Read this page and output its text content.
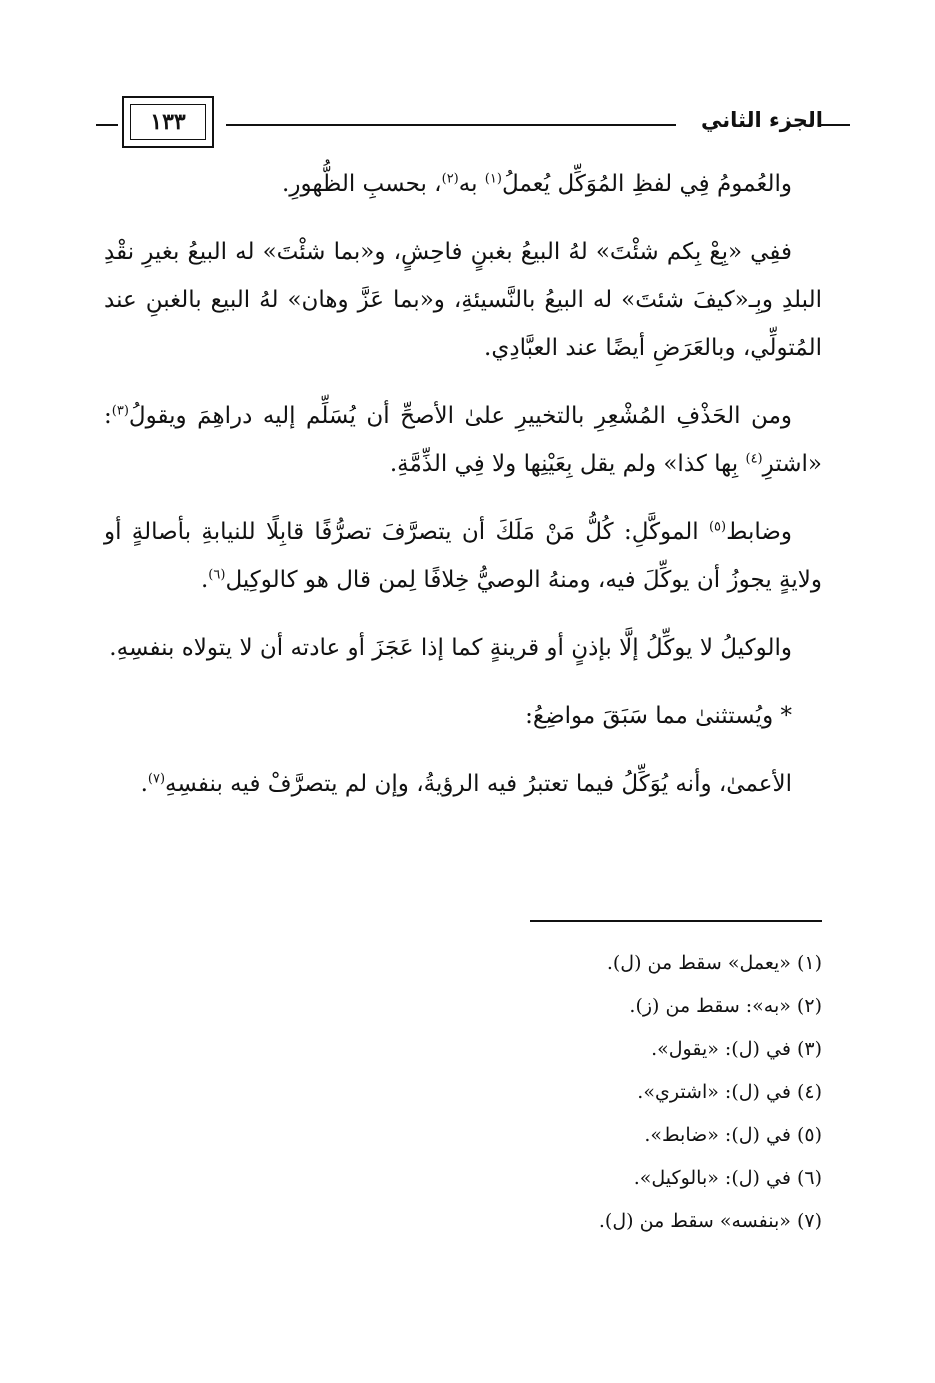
الجزء الثاني
١٣٣

والعُمومُ فِي لفظِ المُوَكِّل يُعملُ$^{(١)}$ به$^{(٢)}$، بحسبِ الظُّهورِ.

ففِي «بِعْ بِكم شئْتَ» لهُ البيعُ بغبنٍ فاحِشٍ، و«بما شئْتَ» له البيعُ بغيرِ نقْدِ البلدِ وبِـ«كيفَ شئتَ» له البيعُ بالنَّسيئةِ، و«بما عَزَّ وهان» لهُ البيع بالغبنِ عند المُتولِّي، وبالعَرَضِ أيضًا عند العبَّادِي.

ومن الحَذْفِ المُشْعِرِ بالتخييرِ علىٰ الأصحِّ أن يُسَلِّم إليه دراهِمَ ويقولُ$^{(٣)}$: «اشترِ$^{(٤)}$ بِها كذا» ولم يقل بِعَيْنِها ولا فِي الذِّمَّةِ.

وضابط$^{(٥)}$ الموكَّلِ: كُلُّ مَنْ مَلَكَ أن يتصرَّفَ تصرُّفًا قابِلًا للنيابةِ بأصالةٍ أو ولايةٍ يجوزُ أن يوكِّلَ فيه، ومنهُ الوصيُّ خِلافًا لِمن قال هو كالوكِيل$^{(٦)}$.

والوكيلُ لا يوكِّلُ إلَّا بإذنٍ أو قرينةٍ كما إذا عَجَزَ أو عادته أن لا يتولاه بنفسِهِ.

* ويُستثنىٰ مما سَبَقَ مواضِعُ:

الأعمىٰ، وأنه يُوَكِّلُ فيما تعتبرُ فيه الرؤيةُ، وإن لم يتصرَّفْ فيه بنفسِهِ$^{(٧)}$.

(١) «يعمل» سقط من (ل).

(٢) «به»: سقط من (ز).

(٣) في (ل): «يقول».

(٤) في (ل): «اشتري».

(٥) في (ل): «ضابط».

(٦) في (ل): «بالوكيل».

(٧) «بنفسه» سقط من (ل).
